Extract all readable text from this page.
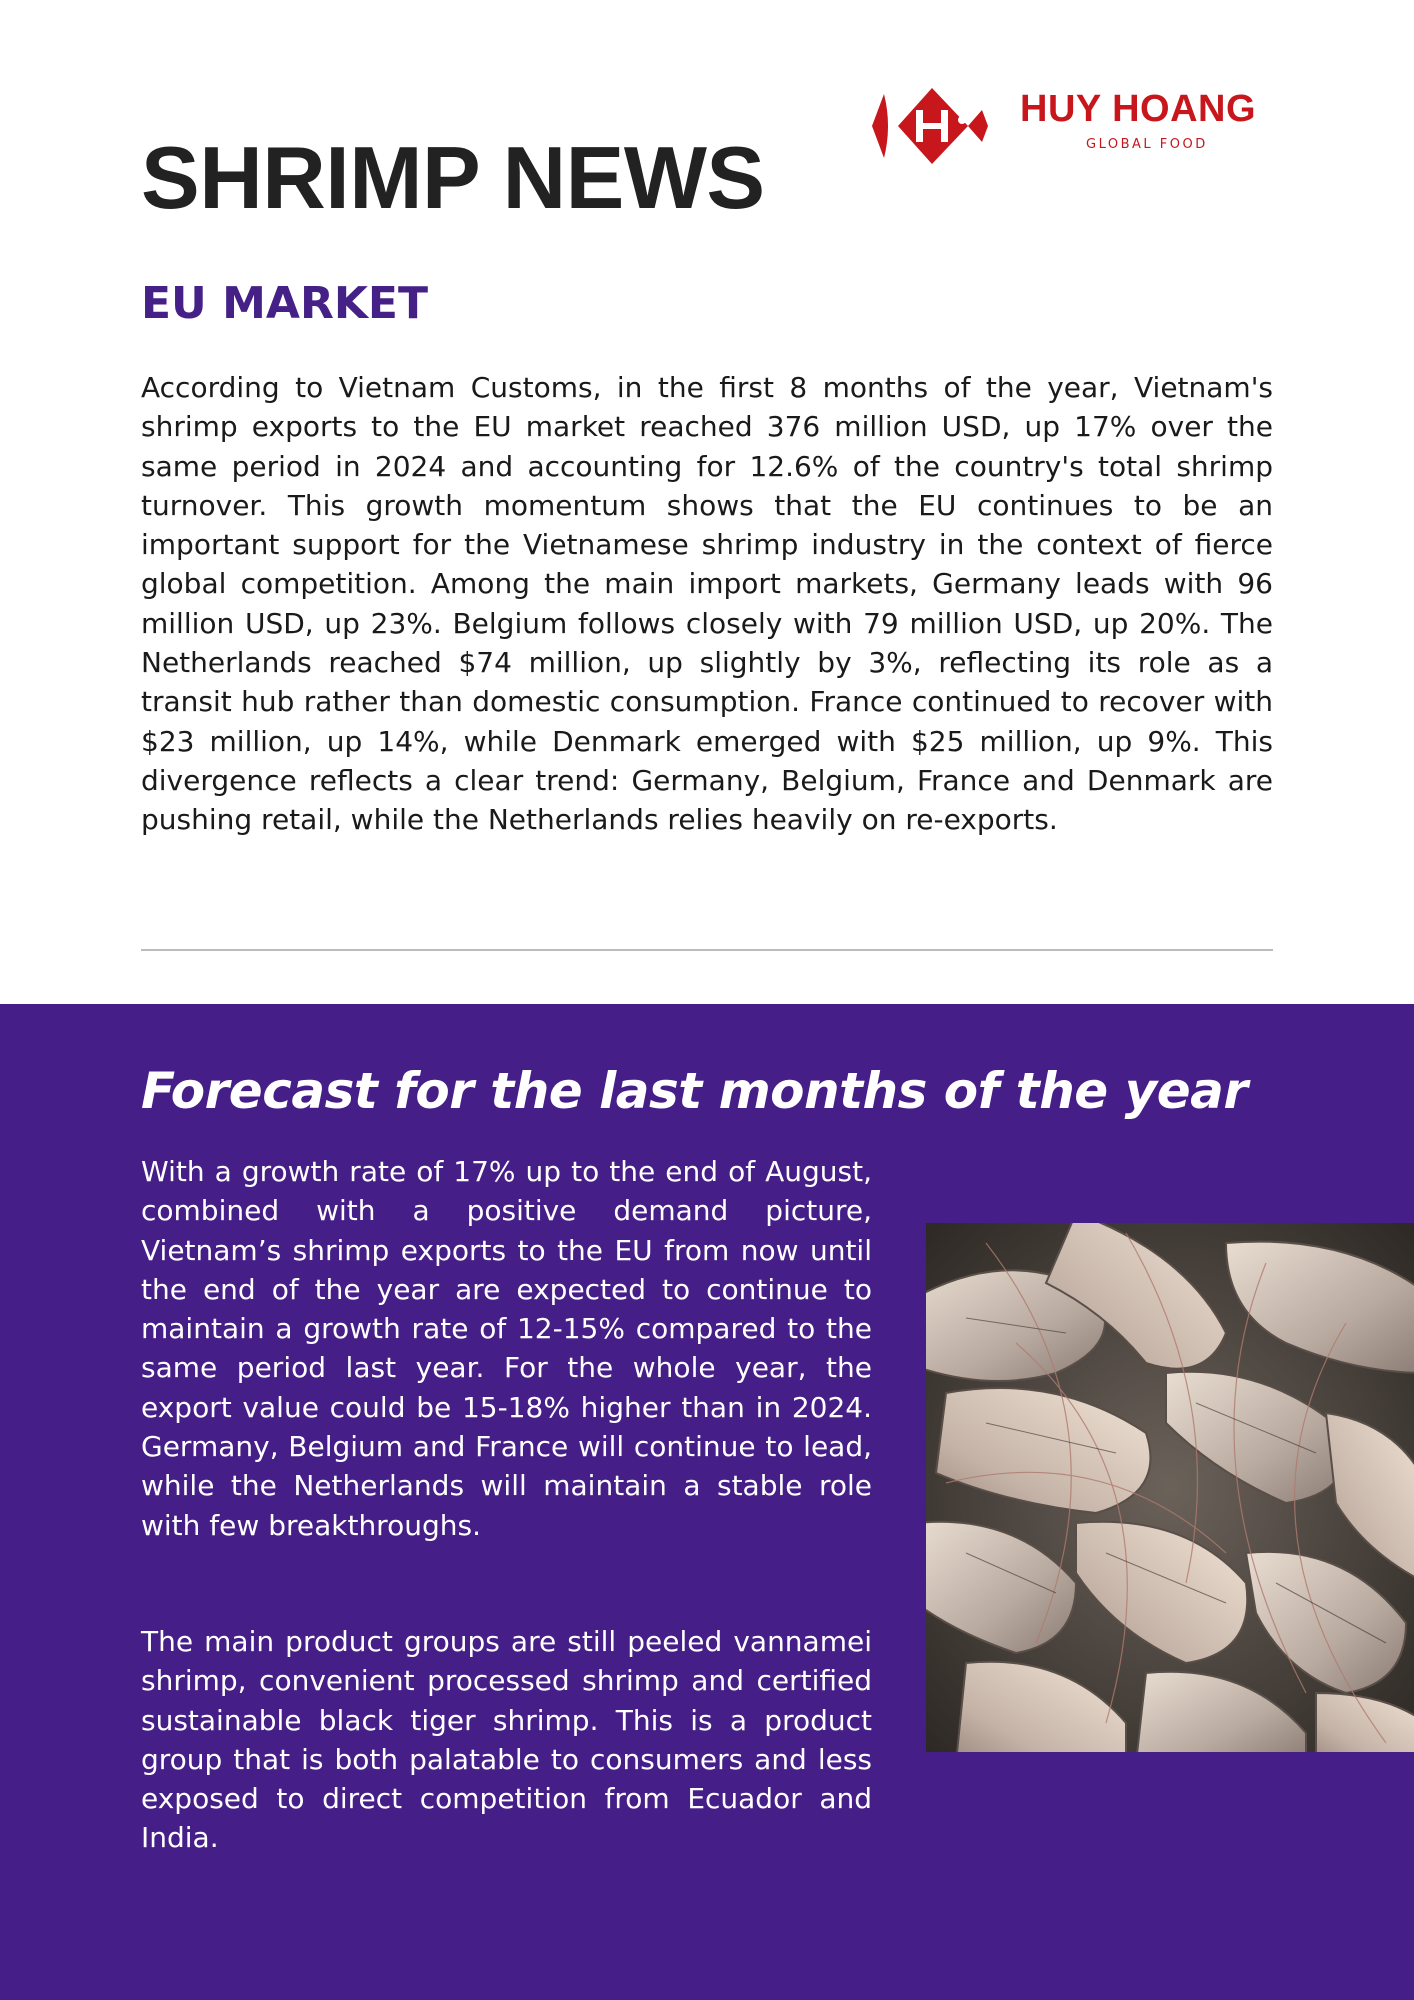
HUY HOANG
GLOBAL FOOD
SHRIMP NEWS
EU MARKET

According to Vietnam Customs, in the first 8 months of the year, Vietnam's shrimp exports to the EU market reached 376 million USD, up 17% over the same period in 2024 and accounting for 12.6% of the country's total shrimp turnover. This growth momentum shows that the EU continues to be an important support for the Vietnamese shrimp industry in the context of fierce global competition. Among the main import markets, Germany leads with 96 million USD, up 23%. Belgium follows closely with 79 million USD, up 20%. The Netherlands reached $74 million, up slightly by 3%, reflecting its role as a transit hub rather than domestic consumption. France continued to recover with $23 million, up 14%, while Denmark emerged with $25 million, up 9%. This divergence reflects a clear trend: Germany, Belgium, France and Denmark are pushing retail, while the Netherlands relies heavily on re-exports.

Forecast for the last months of the year

With a growth rate of 17% up to the end of August, combined with a positive demand picture, Vietnam’s shrimp exports to the EU from now until the end of the year are expected to continue to maintain a growth rate of 12-15% compared to the same period last year. For the whole year, the export value could be 15-18% higher than in 2024. Germany, Belgium and France will continue to lead, while the Netherlands will maintain a stable role with few breakthroughs.

The main product groups are still peeled vannamei shrimp, convenient processed shrimp and certified sustainable black tiger shrimp. This is a product group that is both palatable to consumers and less exposed to direct competition from Ecuador and India.
